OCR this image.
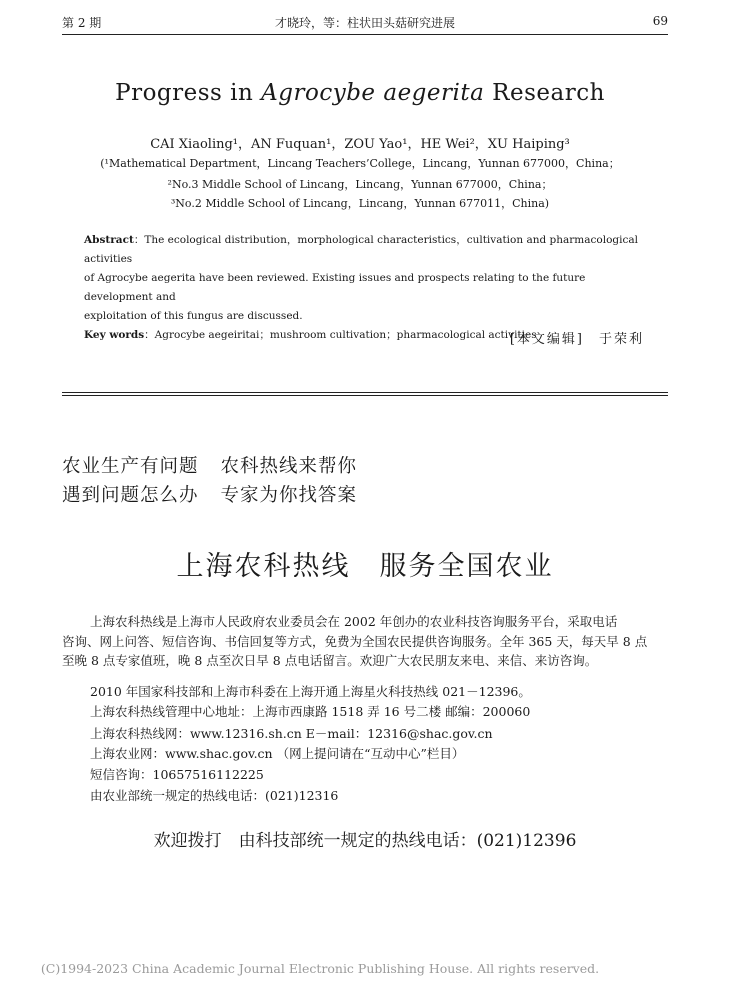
第 2 期	才晓玲，等：柱状田头菇研究进展	69
Progress in Agrocybe aegerita Research
CAI Xiaoling¹，AN Fuquan¹，ZOU Yao¹，HE Wei²，XU Haiping³
(¹Mathematical Department，Lincang Teachers’College，Lincang，Yunnan 677000，China；
²No.3 Middle School of Lincang，Lincang，Yunnan 677000，China；
³No.2 Middle School of Lincang，Lincang，Yunnan 677011，China)
Abstract：The ecological distribution，morphological characteristics，cultivation and pharmacological activities
of Agrocybe aegerita have been reviewed. Existing issues and prospects relating to the future development and
exploitation of this fungus are discussed.
Key words：Agrocybe aegeiritai；mushroom cultivation；pharmacological activities
[本文编辑]　于荣利
农业生产有问题 农科热线来帮你
遇到问题怎么办 专家为你找答案
上海农科热线　服务全国农业
上海农科热线是上海市人民政府农业委员会在 2002 年创办的农业科技咨询服务平台，采取电话
咨询、网上问答、短信咨询、书信回复等方式，免费为全国农民提供咨询服务。全年 365 天，每天早 8 点
至晚 8 点专家值班，晚 8 点至次日早 8 点电话留言。欢迎广大农民朋友来电、来信、来访咨询。
2010 年国家科技部和上海市科委在上海开通上海星火科技热线 021－12396。
上海农科热线管理中心地址：上海市西康路 1518 弄 16 号二楼 邮编：200060
上海农科热线网：www.12316.sh.cn E－mail：12316@shac.gov.cn
上海农业网：www.shac.gov.cn （网上提问请在“互动中心”栏目）
短信咨询：10657516112225
由农业部统一规定的热线电话：(021)12316
欢迎拨打　由科技部统一规定的热线电话：(021)12396
(C)1994-2023 China Academic Journal Electronic Publishing House. All rights reserved.
